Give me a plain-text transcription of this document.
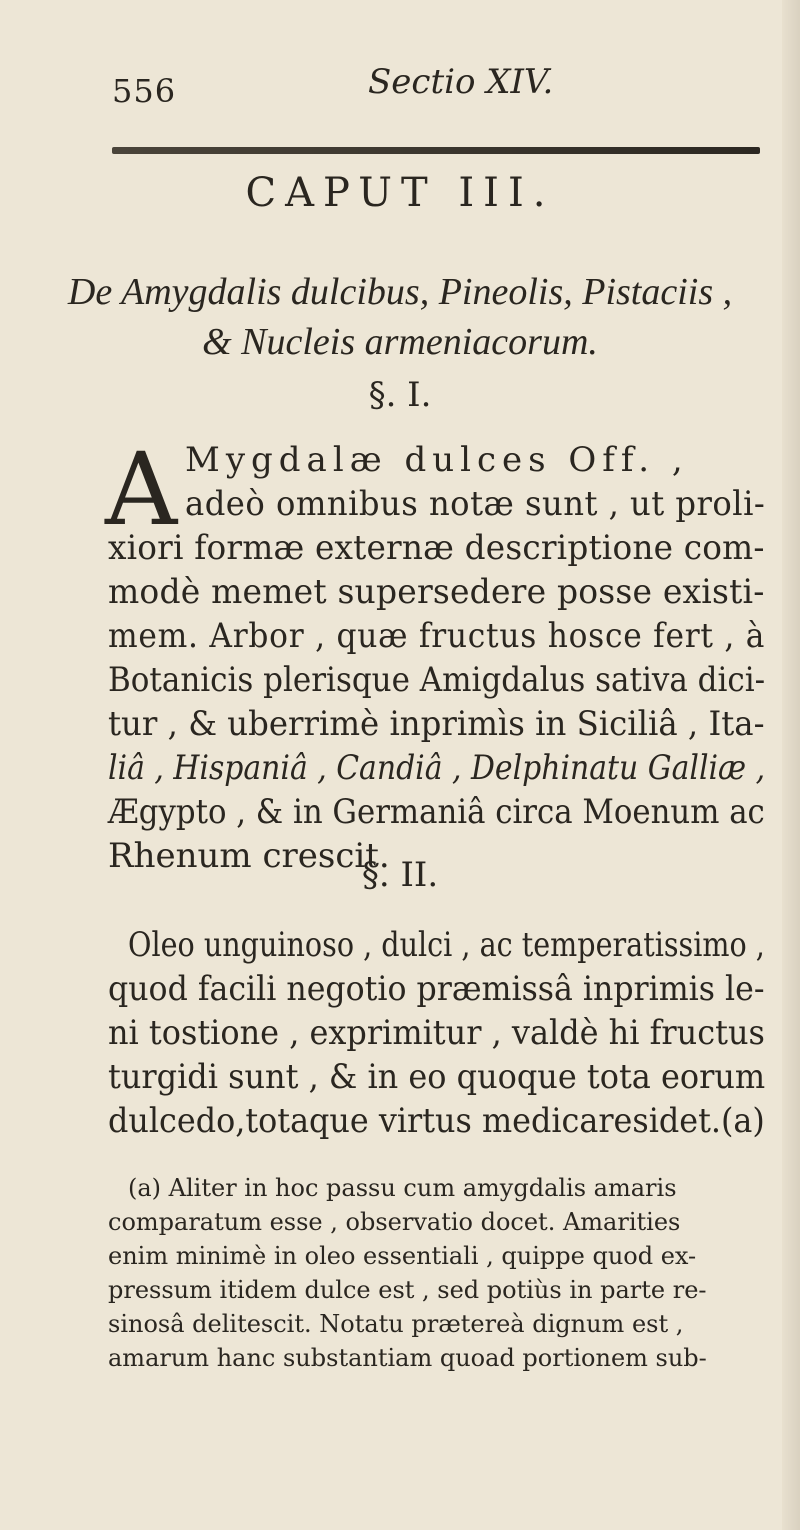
556	Sectio XIV.
CAPUT III.
De Amygdalis dulcibus, Pineolis, Pistaciis ,
& Nucleis armeniacorum.
§. I.
A Mygdalæ dulces Off. ,
adeò omnibus notæ sunt , ut proli-
xiori formæ externæ descriptione com-
modè memet supersedere posse existi-
mem. Arbor , quæ fructus hosce fert , à
Botanicis plerisque Amigdalus sativa dici-
tur , & uberrimè inprimìs in Siciliâ , Ita-
liâ , Hispaniâ , Candiâ , Delphinatu Galliæ ,
Ægypto , & in Germaniâ circa Moenum ac
Rhenum crescit.
§. II.
Oleo unguinoso , dulci , ac temperatissimo ,
quod facili negotio præmissâ inprimis le-
ni tostione , exprimitur , valdè hi fructus
turgidi sunt , & in eo quoque tota eorum
dulcedo,totaque virtus medicaresidet.(a)
(a) Aliter in hoc passu cum amygdalis amaris
comparatum esse , observatio docet. Amarities
enim minimè in oleo essentiali , quippe quod ex-
pressum itidem dulce est , sed potiùs in parte re-
sinosâ delitescit. Notatu prætereà dignum est ,
amarum hanc substantiam quoad portionem sub-
